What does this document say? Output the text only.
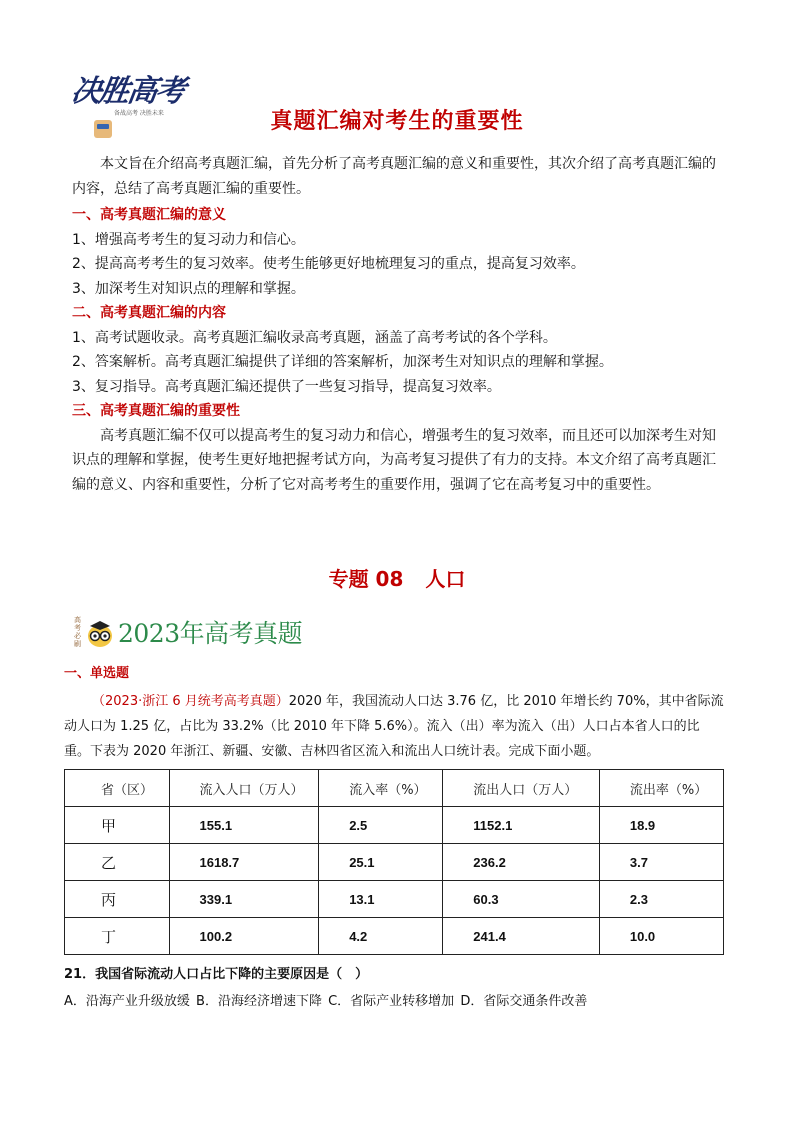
决胜高考
备战高考 决胜未来	真题汇编对考生的重要性
本文旨在介绍高考真题汇编，首先分析了高考真题汇编的意义和重要性，其次介绍了高考真题汇编的内容，总结了高考真题汇编的重要性。
一、高考真题汇编的意义
1、增强高考考生的复习动力和信心。
2、提高高考考生的复习效率。使考生能够更好地梳理复习的重点，提高复习效率。
3、加深考生对知识点的理解和掌握。
二、高考真题汇编的内容
1、高考试题收录。高考真题汇编收录高考真题，涵盖了高考考试的各个学科。
2、答案解析。高考真题汇编提供了详细的答案解析，加深考生对知识点的理解和掌握。
3、复习指导。高考真题汇编还提供了一些复习指导，提高复习效率。
三、高考真题汇编的重要性
高考真题汇编不仅可以提高考生的复习动力和信心，增强考生的复习效率，而且还可以加深考生对知识点的理解和掌握，使考生更好地把握考试方向，为高考复习提供了有力的支持。本文介绍了高考真题汇编的意义、内容和重要性，分析了它对高考考生的重要作用，强调了它在高考复习中的重要性。
专题 08 人口
高考必刷 2023年高考真题
一、单选题
（2023·浙江 6 月统考高考真题）2020 年，我国流动人口达 3.76 亿，比 2010 年增长约 70%，其中省际流动人口为 1.25 亿，占比为 33.2%（比 2010 年下降 5.6%）。流入（出）率为流入（出）人口占本省人口的比重。下表为 2020 年浙江、新疆、安徽、吉林四省区流入和流出人口统计表。完成下面小题。
省（区）	流入人口（万人）	流入率（%）	流出人口（万人）	流出率（%）
甲	155.1	2.5	1152.1	18.9
乙	1618.7	25.1	236.2	3.7
丙	339.1	13.1	60.3	2.3
丁	100.2	4.2	241.4	10.0
21．我国省际流动人口占比下降的主要原因是（　）
A．沿海产业升级放缓 B．沿海经济增速下降 C．省际产业转移增加 D．省际交通条件改善
